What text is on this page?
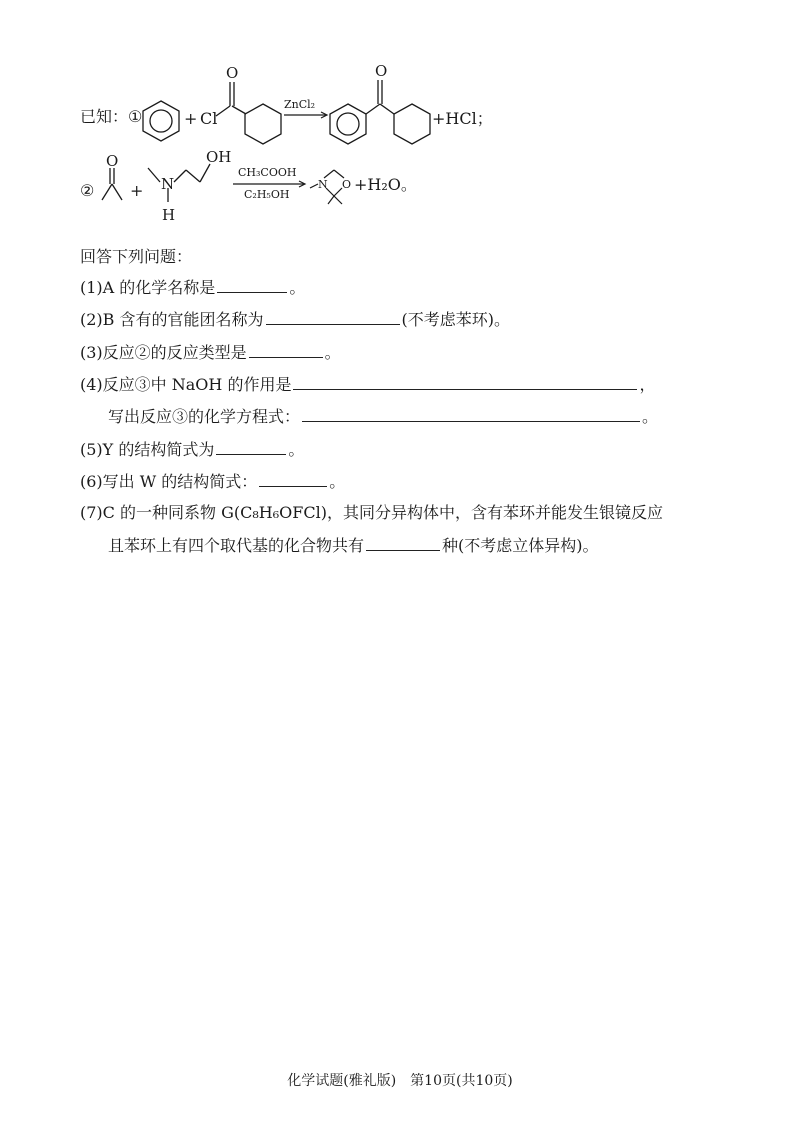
已知： ①	+ Cl
O
ZnCl₂
O
+HCl；
②
O
+ N
H
OH
CH₃COOH
C₂H₅OH
N O +H₂O。
回答下列问题：
(1)A 的化学名称是	。
(2)B 含有的官能团名称为	(不考虑苯环)。
(3)反应②的反应类型是	。
(4)反应③中 NaOH 的作用是	，
写出反应③的化学方程式：	。
(5)Y 的结构简式为	。
(6)写出 W 的结构简式：	。
(7)C 的一种同系物 G(C₈H₆OFCl)，其同分异构体中，含有苯环并能发生银镜反应
且苯环上有四个取代基的化合物共有	种(不考虑立体异构)。
化学试题(雅礼版)　第10页(共10页)
